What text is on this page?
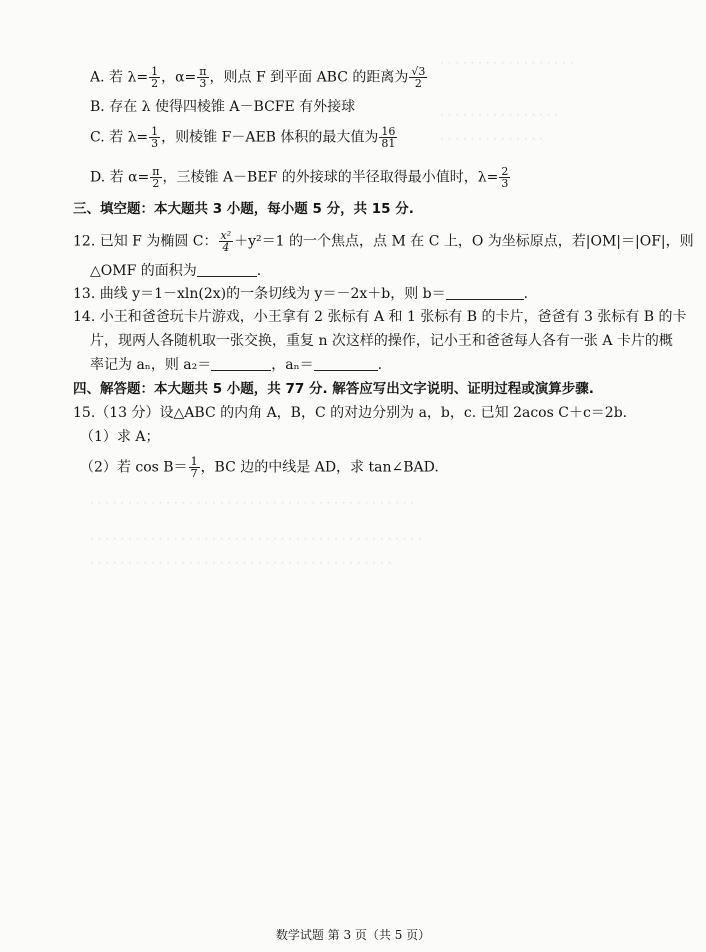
· · · · · · · · · · · · · · · · · ·
· · · · · · · · · · · · · · · ·
· · · · · · · · · · · · · ·
· · · · · · · · · · · · · · · · · · · · · · · · · · · · · · · · · · · · · · · · · · ·
· · · · · · · · · · · · · · · · · · · · · · · · · · · · · · · · · · · · · · · · · · · ·
· · · · · · · · · · · · · · · · · · · · · · · · · · · · · · · · · · · · · · · ·
A. 若 $\lambda= \frac{1}{2}$ ，$\alpha= \frac{\pi}{3}$ ，则点 F 到平面 ABC 的距离为 $\frac{√3}{2}$
B. 存在 λ 使得四棱锥 A－BCFE 有外接球
C. 若 $\lambda= \frac{1}{3}$ ，则棱锥 F－AEB 体积的最大值为 $\frac{16}{81}$
D. 若 $\alpha= \frac{\pi}{2}$ ，三棱锥 A－BEF 的外接球的半径取得最小值时，$\lambda= \frac{2}{3}$
三、填空题：本大题共 3 小题，每小题 5 分，共 15 分.
12. 已知 F 为椭圆 C： $\frac{\text{x²}}{4} +y^2=1$ 的一个焦点，点 M 在 C 上，O 为坐标原点，若|OM|＝|OF|，则
△OMF 的面积为	.
13. 曲线 y＝1－xln(2x)的一条切线为 y＝－2x＋b，则 b＝	.
14. 小王和爸爸玩卡片游戏，小王拿有 2 张标有 A 和 1 张标有 B 的卡片，爸爸有 3 张标有 B 的卡
片，现两人各随机取一张交换，重复 n 次这样的操作，记小王和爸爸每人各有一张 A 卡片的概
率记为 aₙ，则 a₂＝	，aₙ＝	.
四、解答题：本大题共 5 小题，共 77 分. 解答应写出文字说明、证明过程或演算步骤.
15.（13 分）设△ABC 的内角 A，B，C 的对边分别为 a，b，c. 已知 2acos C＋c＝2b.
（1）求 A；
（2）若 $\cos B= \frac{1}{7}$ ，BC 边的中线是 AD，求 tan∠BAD.
数学试题 第 3 页（共 5 页）
